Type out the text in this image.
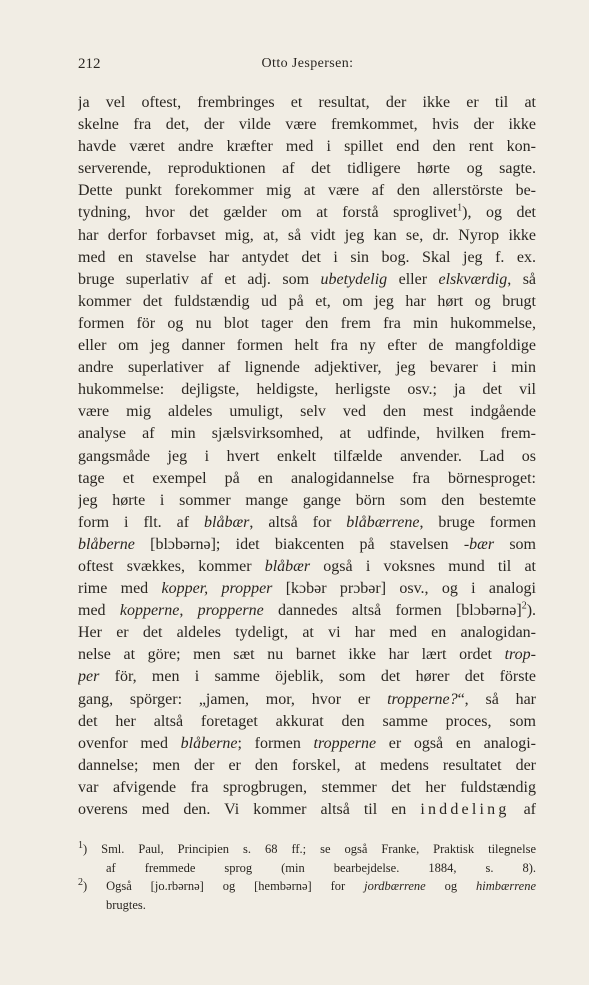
212	Otto Jespersen:
ja vel oftest, frembringes et resultat, der ikke er til at
skelne fra det, der vilde være fremkommet, hvis der ikke
havde været andre kræfter med i spillet end den rent kon-
serverende, reproduktionen af det tidligere hørte og sagte.
Dette punkt forekommer mig at være af den allerstörste be-
tydning, hvor det gælder om at forstå sproglivet$^1$), og det
har derfor forbavset mig, at, så vidt jeg kan se, dr. Nyrop ikke
med en stavelse har antydet det i sin bog. Skal jeg f. ex.
bruge superlativ af et adj. som ubetydelig eller elskværdig, så
kommer det fuldstændig ud på et, om jeg har hørt og brugt
formen för og nu blot tager den frem fra min hukommelse,
eller om jeg danner formen helt fra ny efter de mangfoldige
andre superlativer af lignende adjektiver, jeg bevarer i min
hukommelse: dejligste, heldigste, herligste osv.; ja det vil
være mig aldeles umuligt, selv ved den mest indgående
analyse af min sjælsvirksomhed, at udfinde, hvilken frem-
gangsmåde jeg i hvert enkelt tilfælde anvender. Lad os
tage et exempel på en analogidannelse fra börnesproget:
jeg hørte i sommer mange gange börn som den bestemte
form i flt. af blåbær, altså for blåbærrene, bruge formen
blåberne [blɔbərnə]; idet biakcenten på stavelsen -bær som
oftest svækkes, kommer blåbær også i voksnes mund til at
rime med kopper, propper [kɔbər prɔbər] osv., og i analogi
med kopperne, propperne dannedes altså formen [blɔbərnə]$^2$).
Her er det aldeles tydeligt, at vi har med en analogidan-
nelse at göre; men sæt nu barnet ikke har lært ordet trop-
per för, men i samme öjeblik, som det hører det förste
gang, spörger: „jamen, mor, hvor er tropperne?“, så har
det her altså foretaget akkurat den samme proces, som
ovenfor med blåberne; formen tropperne er også en analogi-
dannelse; men der er den forskel, at medens resultatet der
var afvigende fra sprogbrugen, stemmer det her fuldstændig
overens med den. Vi kommer altså til en inddeling af
$^1$) Sml. Paul, Principien s. 68 ff.; se også Franke, Praktisk tilegnelse
af fremmede sprog (min bearbejdelse. 1884, s. 8).
$^2$) Også [jo.rbərnə] og [hembərnə] for jordbærrene og himbærrene
brugtes.
